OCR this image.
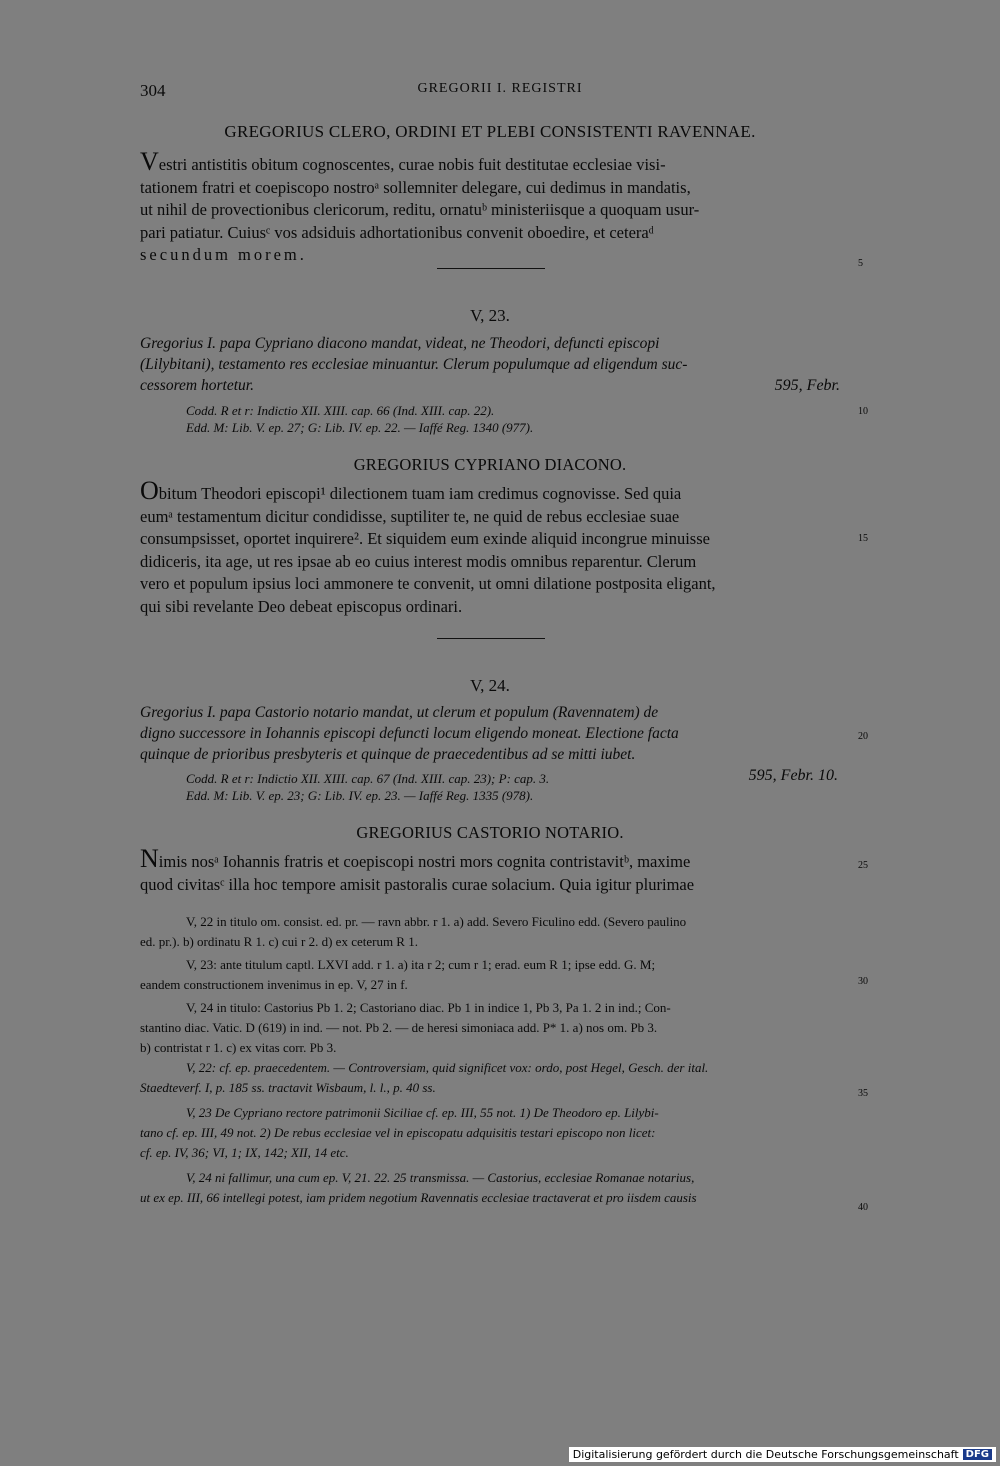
304	GREGORII I. REGISTRI
GREGORIUS CLERO, ORDINI ET PLEBI CONSISTENTI RAVENNAE.
Vestri antistitis obitum cognoscentes, curae nobis fuit destitutae ecclesiae visi-
tationem fratri et coepiscopo nostroᵃ sollemniter delegare, cui dedimus in mandatis,
ut nihil de provectionibus clericorum, reditu, ornatuᵇ ministeriisque a quoquam usur-
pari patiatur. Cuiusᶜ vos adsiduis adhortationibus convenit oboedire, et ceteraᵈ
secundum morem.	5
V, 23.
Gregorius I. papa Cypriano diacono mandat, videat, ne Theodori, defuncti episcopi
(Lilybitani), testamento res ecclesiae minuantur. Clerum populumque ad eligendum suc-
cessorem hortetur.	595, Febr.
Codd. R et r: Indictio XII. XIII. cap. 66 (Ind. XIII. cap. 22).
Edd. M: Lib. V. ep. 27; G: Lib. IV. ep. 22. — Iaffé Reg. 1340 (977).
10
GREGORIUS CYPRIANO DIACONO.
Obitum Theodori episcopi¹ dilectionem tuam iam credimus cognovisse. Sed quia
eumᵃ testamentum dicitur condidisse, suptiliter te, ne quid de rebus ecclesiae suae
consumpsisset, oportet inquirere². Et siquidem eum exinde aliquid incongrue minuisse
didiceris, ita age, ut res ipsae ab eo cuius interest modis omnibus reparentur. Clerum
vero et populum ipsius loci ammonere te convenit, ut omni dilatione postposita eligant,
qui sibi revelante Deo debeat episcopus ordinari.
15
V, 24.
Gregorius I. papa Castorio notario mandat, ut clerum et populum (Ravennatem) de
digno successore in Iohannis episcopi defuncti locum eligendo moneat. Electione facta
quinque de prioribus presbyteris et quinque de praecedentibus ad se mitti iubet.
20
Codd. R et r: Indictio XII. XIII. cap. 67 (Ind. XIII. cap. 23); P: cap. 3.	595, Febr. 10.
Edd. M: Lib. V. ep. 23; G: Lib. IV. ep. 23. — Iaffé Reg. 1335 (978).
GREGORIUS CASTORIO NOTARIO.
Nimis nosᵃ Iohannis fratris et coepiscopi nostri mors cognita contristavitᵇ, maxime
quod civitasᶜ illa hoc tempore amisit pastoralis curae solacium. Quia igitur plurimae
25
V, 22 in titulo om. consist. ed. pr. — ravn abbr. r 1. a) add. Severo Ficulino edd. (Severo paulino
ed. pr.). b) ordinatu R 1. c) cui r 2. d) ex ceterum R 1.
V, 23: ante titulum captl. LXVI add. r 1. a) ita r 2; cum r 1; erad. eum R 1; ipse edd. G. M;
eandem constructionem invenimus in ep. V, 27 in f.
V, 24 in titulo: Castorius Pb 1. 2; Castoriano diac. Pb 1 in indice 1, Pb 3, Pa 1. 2 in ind.; Con-
stantino diac. Vatic. D (619) in ind. — not. Pb 2. — de heresi simoniaca add. P* 1. a) nos om. Pb 3.
b) contristat r 1. c) ex vitas corr. Pb 3.
30
V, 22: cf. ep. praecedentem. — Controversiam, quid significet vox: ordo, post Hegel, Gesch. der ital.
Staedteverf. I, p. 185 ss. tractavit Wisbaum, l. l., p. 40 ss.
V, 23 De Cypriano rectore patrimonii Siciliae cf. ep. III, 55 not. 1) De Theodoro ep. Lilybi-
tano cf. ep. III, 49 not. 2) De rebus ecclesiae vel in episcopatu adquisitis testari episcopo non licet:
cf. ep. IV, 36; VI, 1; IX, 142; XII, 14 etc.
V, 24 ni fallimur, una cum ep. V, 21. 22. 25 transmissa. — Castorius, ecclesiae Romanae notarius,
ut ex ep. III, 66 intellegi potest, iam pridem negotium Ravennatis ecclesiae tractaverat et pro iisdem causis
35
40
Digitalisierung gefördert durch die Deutsche Forschungsgemeinschaft DFG
